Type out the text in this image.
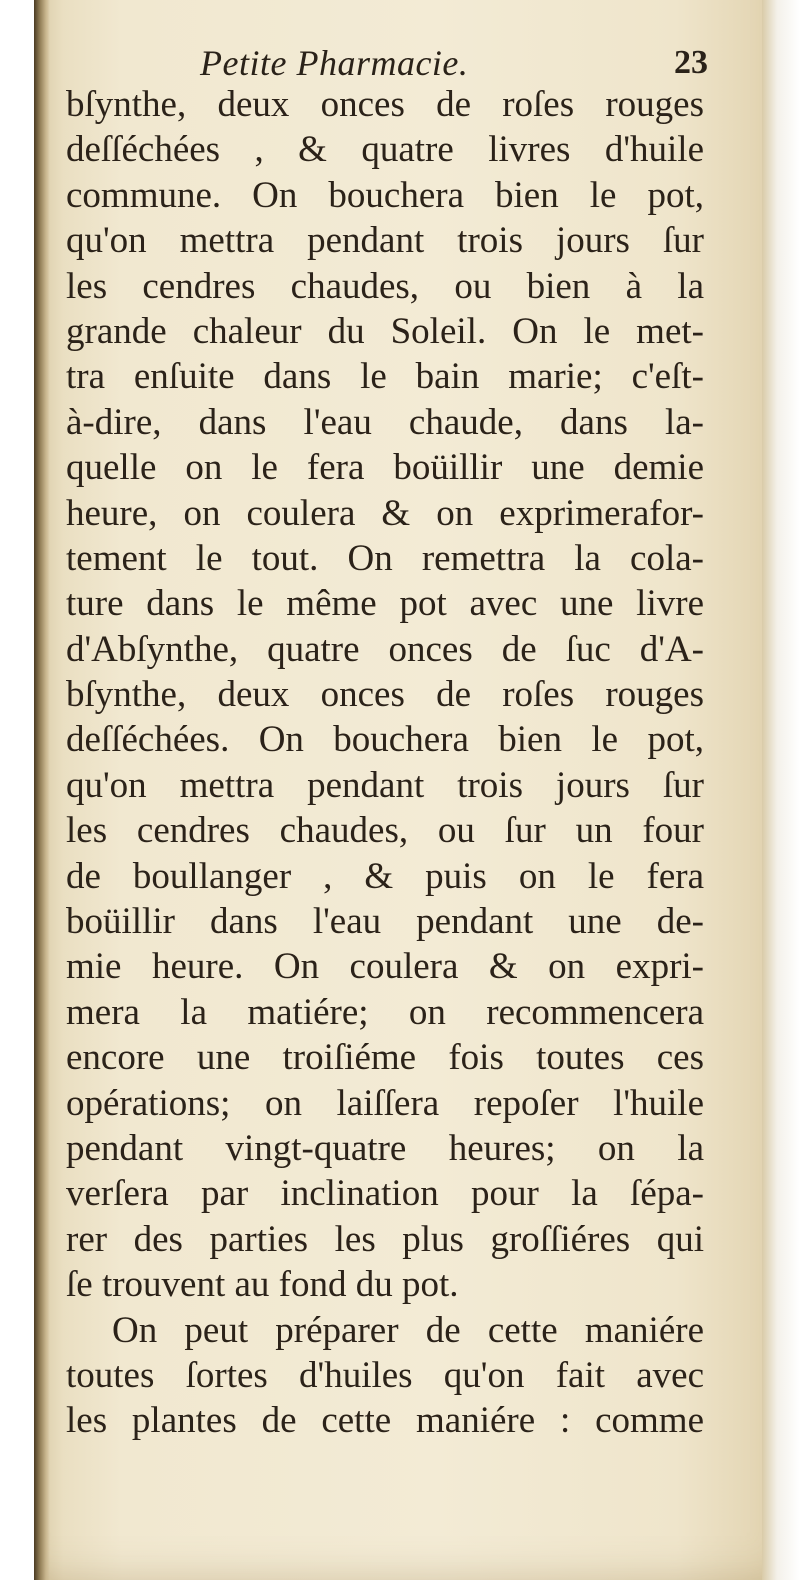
Petite Pharmacie.	23
bſynthe, deux onces de roſes rouges
deſſéchées , & quatre livres d'huile
commune. On bouchera bien le pot,
qu'on mettra pendant trois jours ſur
les cendres chaudes, ou bien à la
grande chaleur du Soleil. On le met-
tra enſuite dans le bain marie; c'eſt-
à-dire, dans l'eau chaude, dans la-
quelle on le fera boüillir une demie
heure, on coulera & on exprimerafor-
tement le tout. On remettra la cola-
ture dans le même pot avec une livre
d'Abſynthe, quatre onces de ſuc d'A-
bſynthe, deux onces de roſes rouges
deſſéchées. On bouchera bien le pot,
qu'on mettra pendant trois jours ſur
les cendres chaudes, ou ſur un four
de boullanger , & puis on le fera
boüillir dans l'eau pendant une de-
mie heure. On coulera & on expri-
mera la matiére; on recommencera
encore une troiſiéme fois toutes ces
opérations; on laiſſera repoſer l'huile
pendant vingt-quatre heures; on la
verſera par inclination pour la ſépa-
rer des parties les plus groſſiéres qui
ſe trouvent au fond du pot.
On peut préparer de cette maniére
toutes ſortes d'huiles qu'on fait avec
les plantes de cette maniére : comme
